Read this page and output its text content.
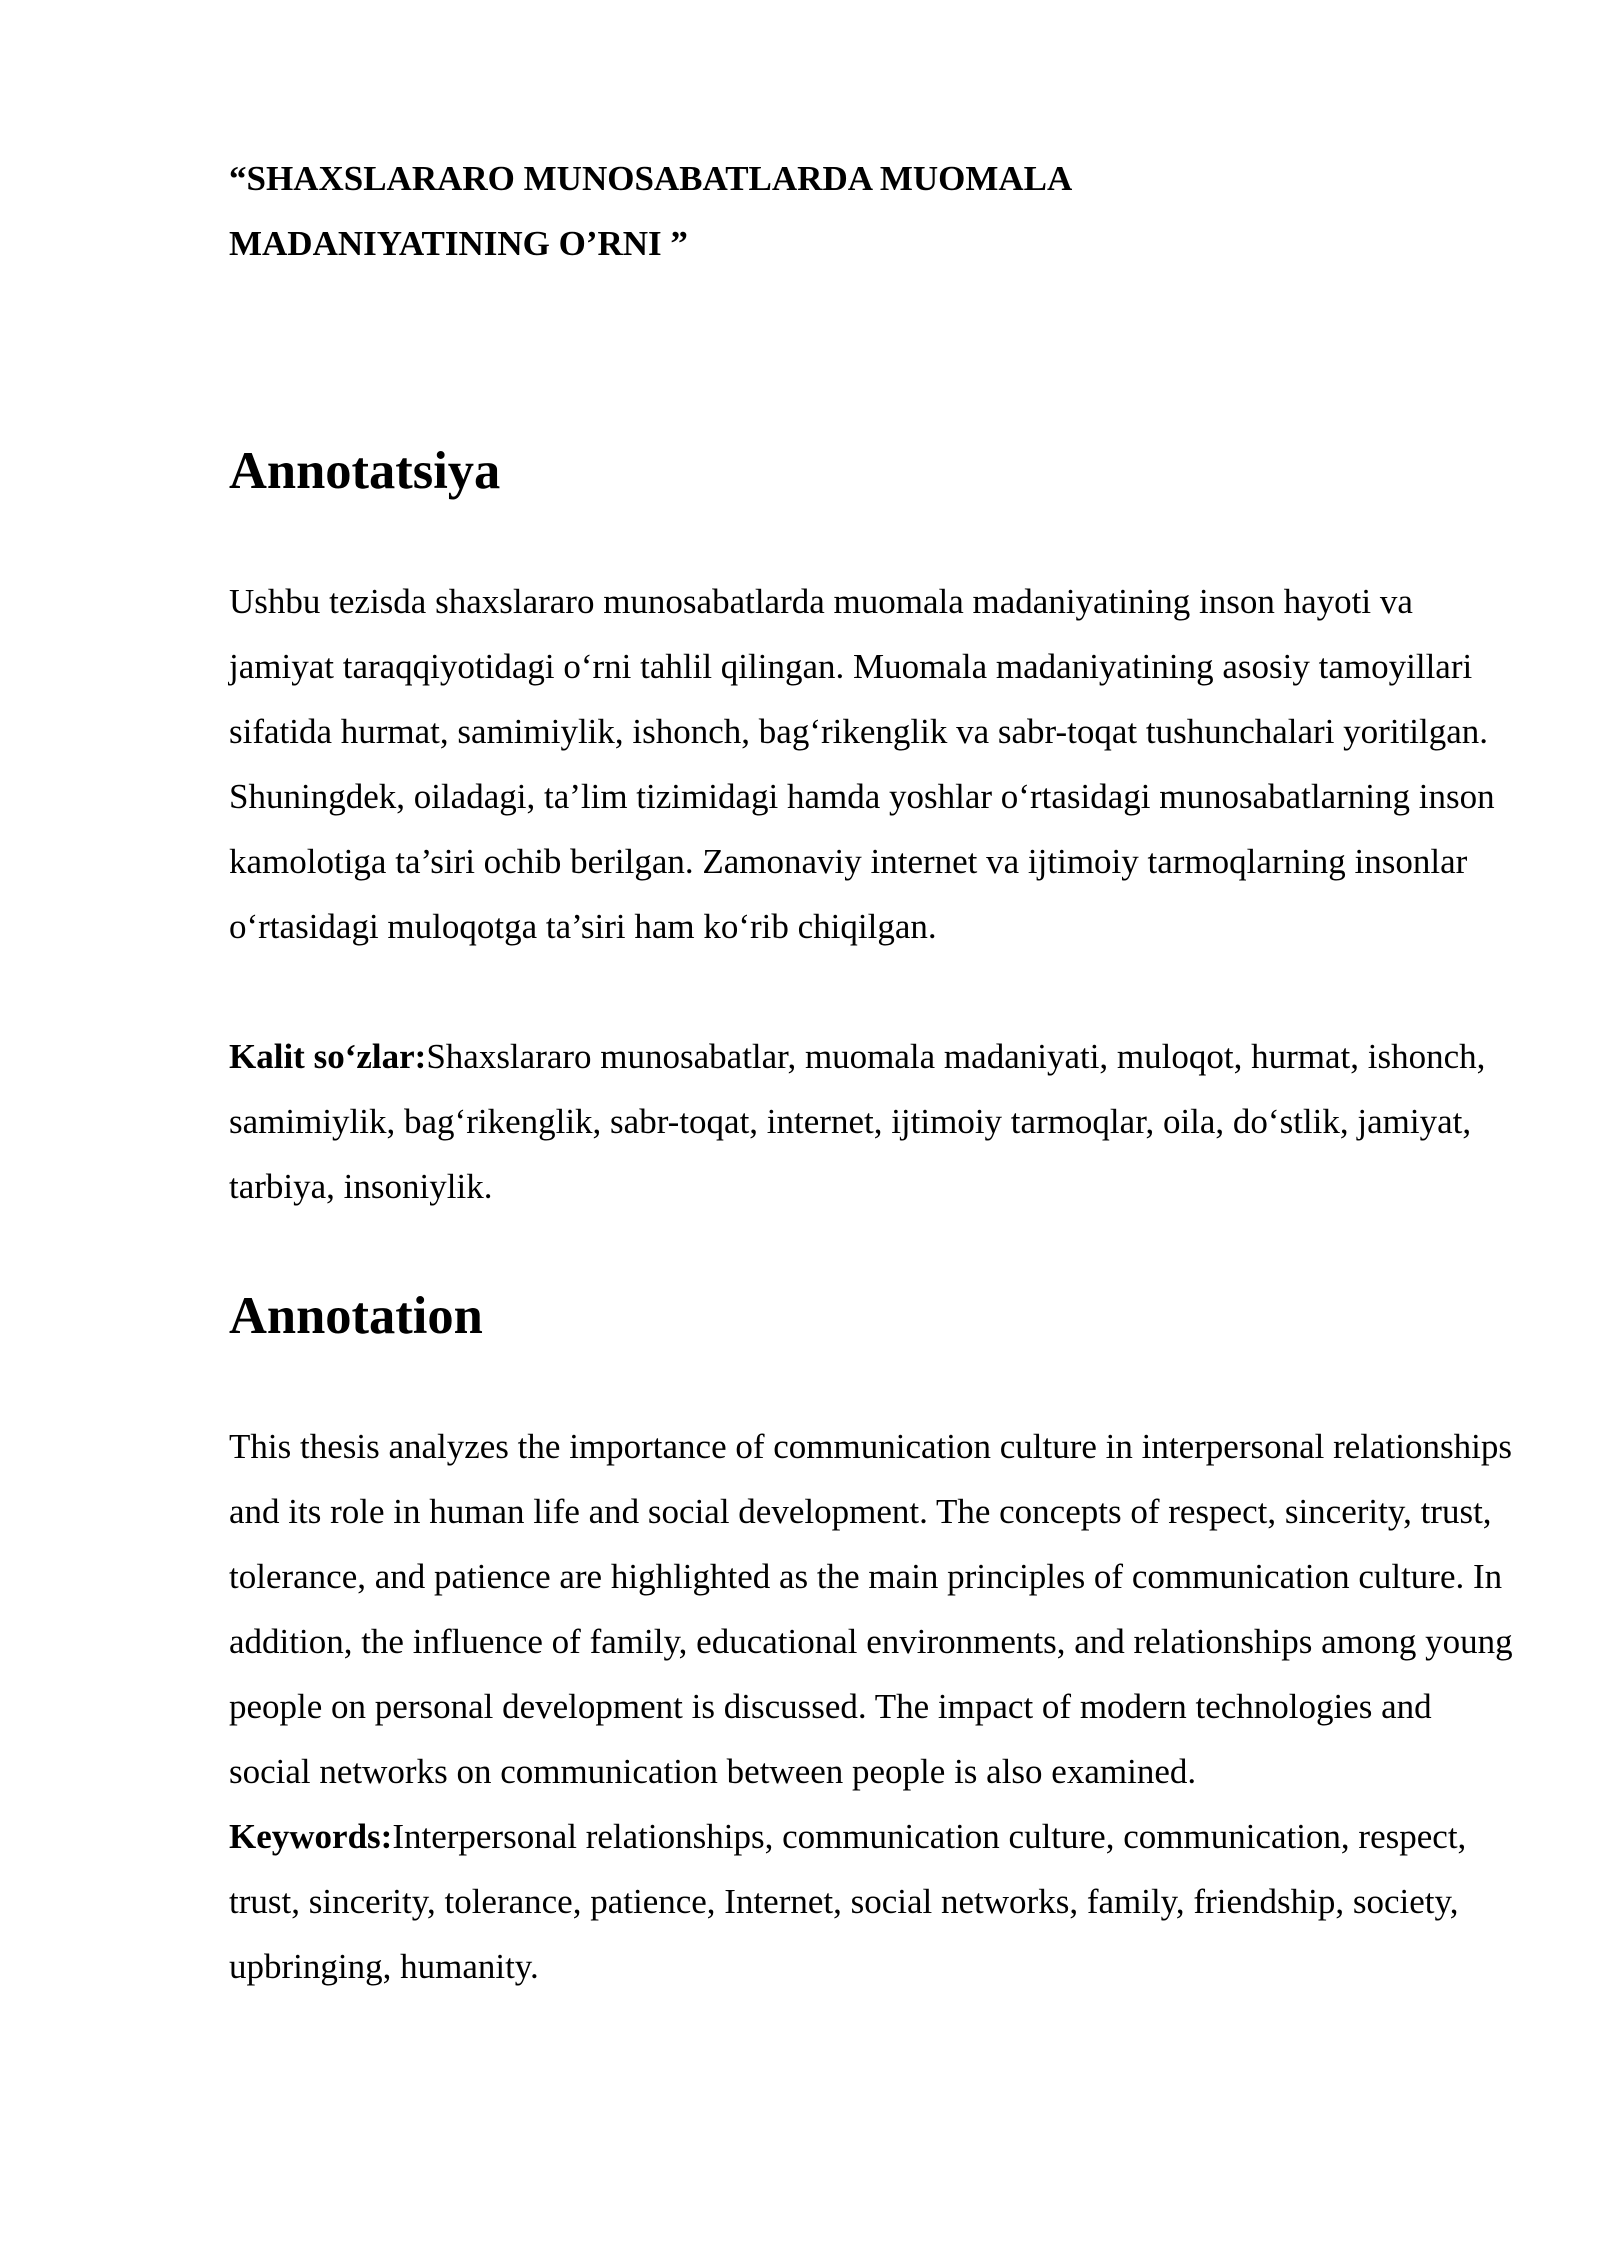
“SHAXSLARARO MUNOSABATLARDA MUOMALA
MADANIYATINING O’RNI ”
Annotatsiya

Ushbu tezisda shaxslararo munosabatlarda muomala madaniyatining inson hayoti va jamiyat taraqqiyotidagi o‘rni tahlil qilingan. Muomala madaniyatining asosiy tamoyillari sifatida hurmat, samimiylik, ishonch, bag‘rikenglik va sabr-toqat tushunchalari yoritilgan. Shuningdek, oiladagi, ta’lim tizimidagi hamda yoshlar o‘rtasidagi munosabatlarning inson kamolotiga ta’siri ochib berilgan. Zamonaviy internet va ijtimoiy tarmoqlarning insonlar o‘rtasidagi muloqotga ta’siri ham ko‘rib chiqilgan.

Kalit so‘zlar:Shaxslararo munosabatlar, muomala madaniyati, muloqot, hurmat, ishonch, samimiylik, bag‘rikenglik, sabr-toqat, internet, ijtimoiy tarmoqlar, oila, do‘stlik, jamiyat, tarbiya, insoniylik.

Annotation

This thesis analyzes the importance of communication culture in interpersonal relationships and its role in human life and social development. The concepts of respect, sincerity, trust, tolerance, and patience are highlighted as the main principles of communication culture. In addition, the influence of family, educational environments, and relationships among young people on personal development is discussed. The impact of modern technologies and social networks on communication between people is also examined.

Keywords:Interpersonal relationships, communication culture, communication, respect, trust, sincerity, tolerance, patience, Internet, social networks, family, friendship, society, upbringing, humanity.
